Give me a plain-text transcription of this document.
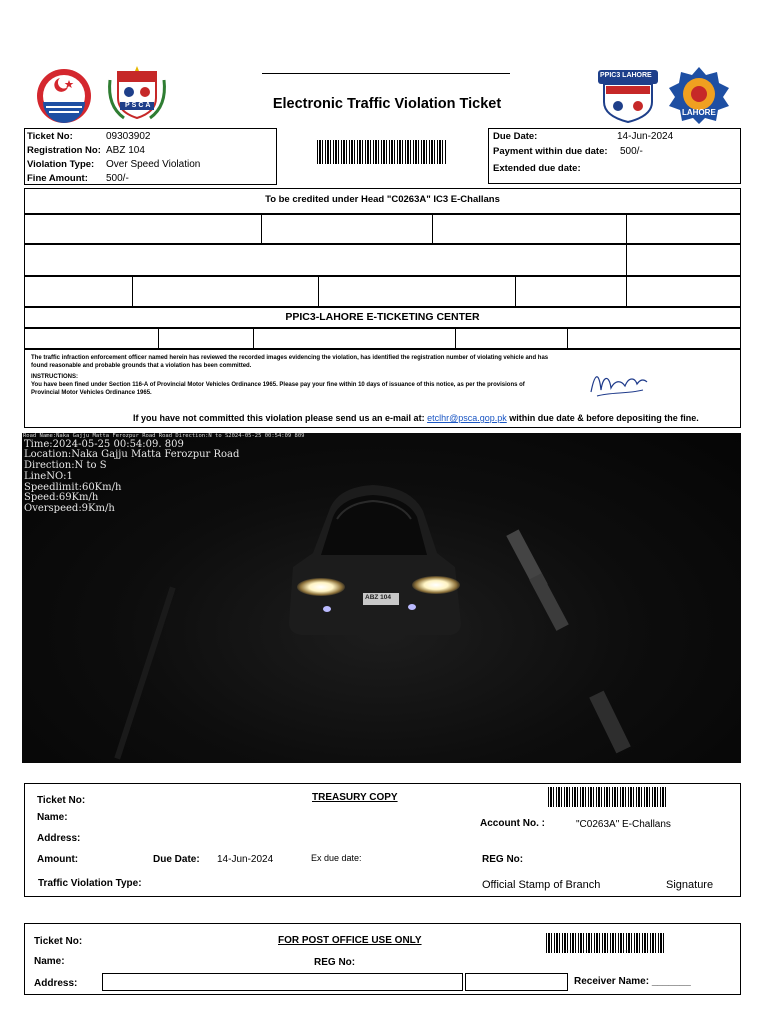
PSCA	Electronic Traffic Violation Ticket
PPIC3 LAHORE
LAHORE
Ticket No:	09303902
Registration No: ABZ 104
Violation Type: Over Speed Violation
Fine Amount: 500/-
Due Date:	14-Jun-2024
Payment within due date: 500/-
Extended due date:
To be credited under Head "C0263A" IC3 E-Challans
PPIC3-LAHORE E-TICKETING CENTER
The traffic infraction enforcement officer named herein has reviewed the recorded images evidencing the violation, has identified the registration number of violating vehicle and has found reasonable and probable grounds that a violation has been committed.
INSTRUCTIONS:
You have been fined under Section 116-A of Provincial Motor Vehicles Ordinance 1965. Please pay your fine within 10 days of issuance of this notice, as per the provisions of Provincial Motor Vehicles Ordinance 1965.
If you have not committed this violation please send us an e-mail at: etclhr@psca.gop.pk within due date & before depositing the fine.
ABZ 104
Road Name:Naka Gajju Matta Ferozpur Road Road Direction:N to S2024-05-25 00:54:09 809
Time:2024-05-25 00:54:09. 809
Location:Naka Gajju Matta Ferozpur Road
Direction:N to S
LineNO:1
Speedlimit:60Km/h
Speed:69Km/h
Overspeed:9Km/h
Ticket No:	TREASURY COPY
Name:
Account No. :	"C0263A" E-Challans
Address:
Amount:	Due Date: 14-Jun-2024	Ex due date:	REG No:
Traffic Violation Type:	Official Stamp of Branch	Signature
Ticket No:	FOR POST OFFICE USE ONLY
Name:	REG No:
Address:	Receiver Name: _______
